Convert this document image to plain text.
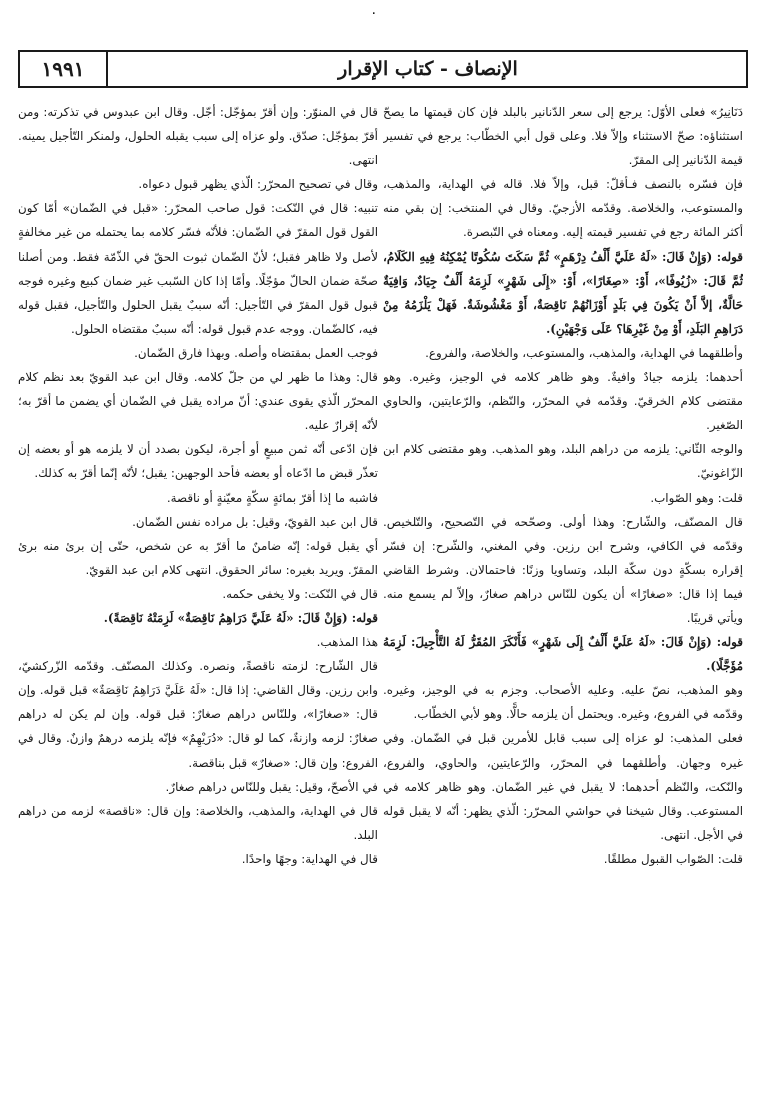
٠
١٩٩١	الإنصاف - كتاب الإقرار

دَنَانِيرُ» فعلى الأوّل: يرجع إلى سعر الدّنانير بالبلد فإن كان قيمتها ما يصحّ استثناؤه: صحّ الاستثناء وإلاّ فلا. وعلى قول أبي الخطّاب: يرجع في تفسير قيمة الدّنانير إلى المقرّ.

فإن فسّره بالنصف فـأقلّ: قبل، وإلاّ فلا. قاله في الهداية، والمذهب، والمستوعب، والخلاصة. وقدّمه الأزجيّ. وقال في المنتخب: إن بقي منه أكثر المائة رجع في تفسير قيمته إليه. ومعناه في التّبصرة.

قوله: (وَإِنْ قَالَ: «لَهُ عَلَيَّ أَلْفُ دِرْهَمٍ» ثُمَّ سَكَتَ سُكُوتًا يُمْكِنُهُ فِيهِ الكَلَامُ، ثُمَّ قَالَ: «زُيُوفًا»، أَوْ: «صِغَارًا»، أَوْ: «إِلَى شَهْرٍ» لَزِمَهُ أَلْفٌ جِيَادٌ، وَافِيَةٌ حَالَّةٌ، إلاَّ أَنْ يَكُونَ فِي بَلَدٍ أَوْزَانُهُمْ نَاقِصَةٌ، أَوْ مَغْشُوشَةٌ. فَهَلْ يَلْزَمُهُ مِنْ دَرَاهِمِ البَلَدِ، أَوْ مِنْ غَيْرِهَا؟ عَلَى وَجْهَيْنِ).

وأطلقهما في الهداية، والمذهب، والمستوعب، والخلاصة، والفروع.

أحدهما: يلزمه جيادٌ وافيةٌ. وهو ظاهر كلامه في الوجيز، وغيره. وهو مقتضى كلام الخرقيّ. وقدّمه في المحرّر، والنّظم، والرّعايتين، والحاوي الصّغير.

والوجه الثّاني: يلزمه من دراهم البلد، وهو المذهب. وهو مقتضى كلام ابن الزّاغونيّ.

قلت: وهو الصّواب.

قال المصنّف، والشّارح: وهذا أولى. وصحّحه في التّصحيح، والتّلخيص. وقدّمه في الكافي، وشرح ابن رزين. وفي المغني، والشّرح: إن فسّر إقراره بسكّةٍ دون سكّة البلد، وتساويا وزنًا: فاحتمالان. وشرط القاضي فيما إذا قال: «صغارًا» أن يكون للنّاس دراهم صغارٌ، وإلاّ لم يسمع منه. ويأتي قريبًا.

قوله: (وَإِنْ قَالَ: «لَهُ عَلَيَّ أَلْفٌ إِلَى شَهْرٍ» فَأَنْكَرَ المُقَرُّ لَهُ التَّأْجِيلَ: لَزِمَهُ مُؤَجَّلًا).

وهو المذهب، نصّ عليه. وعليه الأصحاب. وجزم به في الوجيز، وغيره. وقدّمه في الفروع، وغيره. ويحتمل أن يلزمه حالًّا. وهو لأبي الخطّاب.

فعلى المذهب: لو عزاه إلى سبب قابل للأمرين قبل في الضّمان. وفي غيره وجهان. وأطلقهما في المحرّر، والرّعايتين، والحاوي، والفروع، والنّكت، والنّظم أحدهما: لا يقبل في غير الضّمان. وهو ظاهر كلامه في المستوعب. وقال شيخنا في حواشي المحرّر: الّذي يظهر: أنّه لا يقبل قوله في الأجل. انتهى.

قلت: الصّواب القبول مطلقًا.

قال في المنوّر: وإن أقرّ بمؤجّل: أجّل. وقال ابن عبدوس في تذكرته: ومن أقرّ بمؤجّل: صدّق. ولو عزاه إلى سبب يقبله الحلول، ولمنكر التّأجيل يمينه. انتهى.

وقال في تصحيح المحرّر: الّذي يظهر قبول دعواه.

تنبيه: قال في النّكت: قول صاحب المحرّر: «قبل في الضّمان» أمّا كون القول قول المقرّ في الضّمان: فلأنّه فسّر كلامه بما يحتمله من غير مخالفةٍ لأصل ولا ظاهر فقبل؛ لأنّ الضّمان ثبوت الحقّ في الذّمّة فقط. ومن أصلنا صحّة ضمان الحالّ مؤجّلًا. وأمّا إذا كان السّبب غير ضمان كبيع وغيره فوجه قبول قول المقرّ في التّأجيل: أنّه سببٌ يقبل الحلول والتّأجيل، فقبل قوله فيه، كالضّمان. ووجه عدم قبول قوله: أنّه سببٌ مقتضاه الحلول.

فوجب العمل بمقتضاه وأصله. وبهذا فارق الضّمان.

قال: وهذا ما ظهر لي من جلّ كلامه. وقال ابن عبد القويّ بعد نظم كلام المحرّر الّذي يقوى عندي: أنّ مراده يقبل في الضّمان أي يضمن ما أقرّ به؛ لأنّه إقرارٌ عليه.

فإن ادّعى أنّه ثمن مبيعٍ أو أجرة، ليكون بصدد أن لا يلزمه هو أو بعضه إن تعذّر قبض ما ادّعاه أو بعضه فأحد الوجهين: يقبل؛ لأنّه إنّما أقرّ به كذلك.

فاشبه ما إذا أقرّ بمائةٍ سكّةٍ معيّنةٍ أو ناقصة.

قال ابن عبد القويّ، وقيل: بل مراده نفس الضّمان.

أي يقبل قوله: إنّه ضامنٌ ما أقرّ به عن شخص، حتّى إن برئ منه برئ المقرّ. ويريد بغيره: سائر الحقوق. انتهى كلام ابن عبد القويّ.

قال في النّكت: ولا يخفى حكمه.

قوله: (وَإِنْ قَالَ: «لَهُ عَلَيَّ دَرَاهِمُ نَاقِصَةٌ» لَزِمَتْهُ نَاقِصَةً).

هذا المذهب.

قال الشّارح: لزمته ناقصةً، ونصره. وكذلك المصنّف. وقدّمه الزّركشيّ، وابن رزين. وقال القاضي: إذا قال: «لَهُ عَلَيَّ دَرَاهِمُ نَاقِصَةٌ» قبل قوله. وإن قال: «صغارًا»، وللنّاس دراهم صغارٌ: قبل قوله. وإن لم يكن له دراهم صغارٌ: لزمه وازنةٌ، كما لو قال: «دُرَيْهِمٌ» فإنّه يلزمه درهمٌ وازنٌ. وقال في الفروع: وإن قال: «صغارٌ» قبل بناقصة.

في الأصحّ، وقيل: يقبل وللنّاس دراهم صغارٌ.

قال في الهداية، والمذهب، والخلاصة: وإن قال: «ناقصة» لزمه من دراهم البلد.

قال في الهداية: وجهًا واحدًا.
